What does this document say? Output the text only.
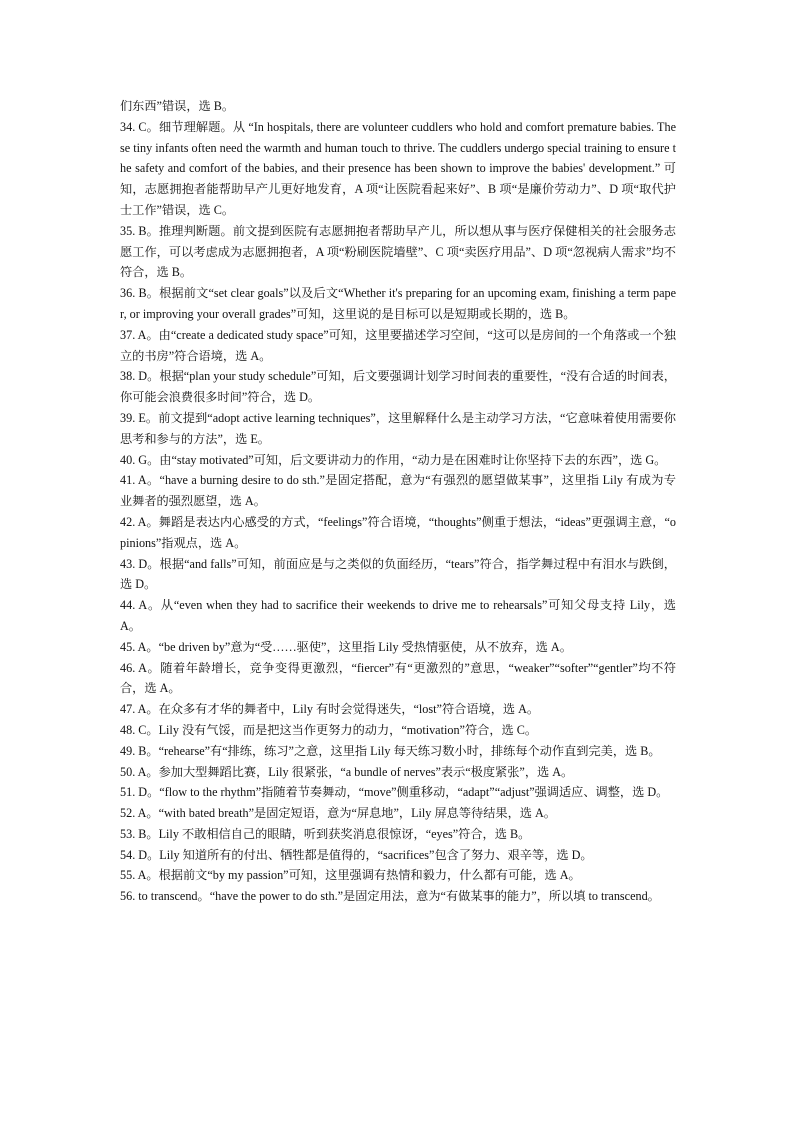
们东西”错误，选 B。

34. C。细节理解题。从 “In hospitals, there are volunteer cuddlers who hold and comfort premature babies. These tiny infants often need the warmth and human touch to thrive. The cuddlers undergo special training to ensure the safety and comfort of the babies, and their presence has been shown to improve the babies' development.” 可知，志愿拥抱者能帮助早产儿更好地发育，A 项“让医院看起来好”、B 项“是廉价劳动力”、D 项“取代护士工作”错误，选 C。

35. B。推理判断题。前文提到医院有志愿拥抱者帮助早产儿，所以想从事与医疗保健相关的社会服务志愿工作，可以考虑成为志愿拥抱者，A 项“粉刷医院墙壁”、C 项“卖医疗用品”、D 项“忽视病人需求”均不符合，选 B。

36. B。根据前文“set clear goals”以及后文“Whether it's preparing for an upcoming exam, finishing a term paper, or improving your overall grades”可知，这里说的是目标可以是短期或长期的，选 B。

37. A。由“create a dedicated study space”可知，这里要描述学习空间，“这可以是房间的一个角落或一个独立的书房”符合语境，选 A。

38. D。根据“plan your study schedule”可知，后文要强调计划学习时间表的重要性，“没有合适的时间表，你可能会浪费很多时间”符合，选 D。

39. E。前文提到“adopt active learning techniques”，这里解释什么是主动学习方法，“它意味着使用需要你思考和参与的方法”，选 E。

40. G。由“stay motivated”可知，后文要讲动力的作用，“动力是在困难时让你坚持下去的东西”，选 G。

41. A。“have a burning desire to do sth.”是固定搭配，意为“有强烈的愿望做某事”，这里指 Lily 有成为专业舞者的强烈愿望，选 A。

42. A。舞蹈是表达内心感受的方式，“feelings”符合语境，“thoughts”侧重于想法，“ideas”更强调主意，“opinions”指观点，选 A。

43. D。根据“and falls”可知，前面应是与之类似的负面经历，“tears”符合，指学舞过程中有泪水与跌倒，选 D。

44. A。从“even when they had to sacrifice their weekends to drive me to rehearsals”可知父母支持 Lily，选 A。

45. A。“be driven by”意为“受……驱使”，这里指 Lily 受热情驱使，从不放弃，选 A。

46. A。随着年龄增长，竞争变得更激烈，“fiercer”有“更激烈的”意思，“weaker”“softer”“gentler”均不符合，选 A。

47. A。在众多有才华的舞者中，Lily 有时会觉得迷失，“lost”符合语境，选 A。

48. C。Lily 没有气馁，而是把这当作更努力的动力，“motivation”符合，选 C。

49. B。“rehearse”有“排练，练习”之意，这里指 Lily 每天练习数小时，排练每个动作直到完美，选 B。

50. A。参加大型舞蹈比赛，Lily 很紧张，“a bundle of nerves”表示“极度紧张”，选 A。

51. D。“flow to the rhythm”指随着节奏舞动，“move”侧重移动，“adapt”“adjust”强调适应、调整，选 D。

52. A。“with bated breath”是固定短语，意为“屏息地”，Lily 屏息等待结果，选 A。

53. B。Lily 不敢相信自己的眼睛，听到获奖消息很惊讶，“eyes”符合，选 B。

54. D。Lily 知道所有的付出、牺牲都是值得的，“sacrifices”包含了努力、艰辛等，选 D。

55. A。根据前文“by my passion”可知，这里强调有热情和毅力，什么都有可能，选 A。

56. to transcend。“have the power to do sth.”是固定用法，意为“有做某事的能力”，所以填 to transcend。
